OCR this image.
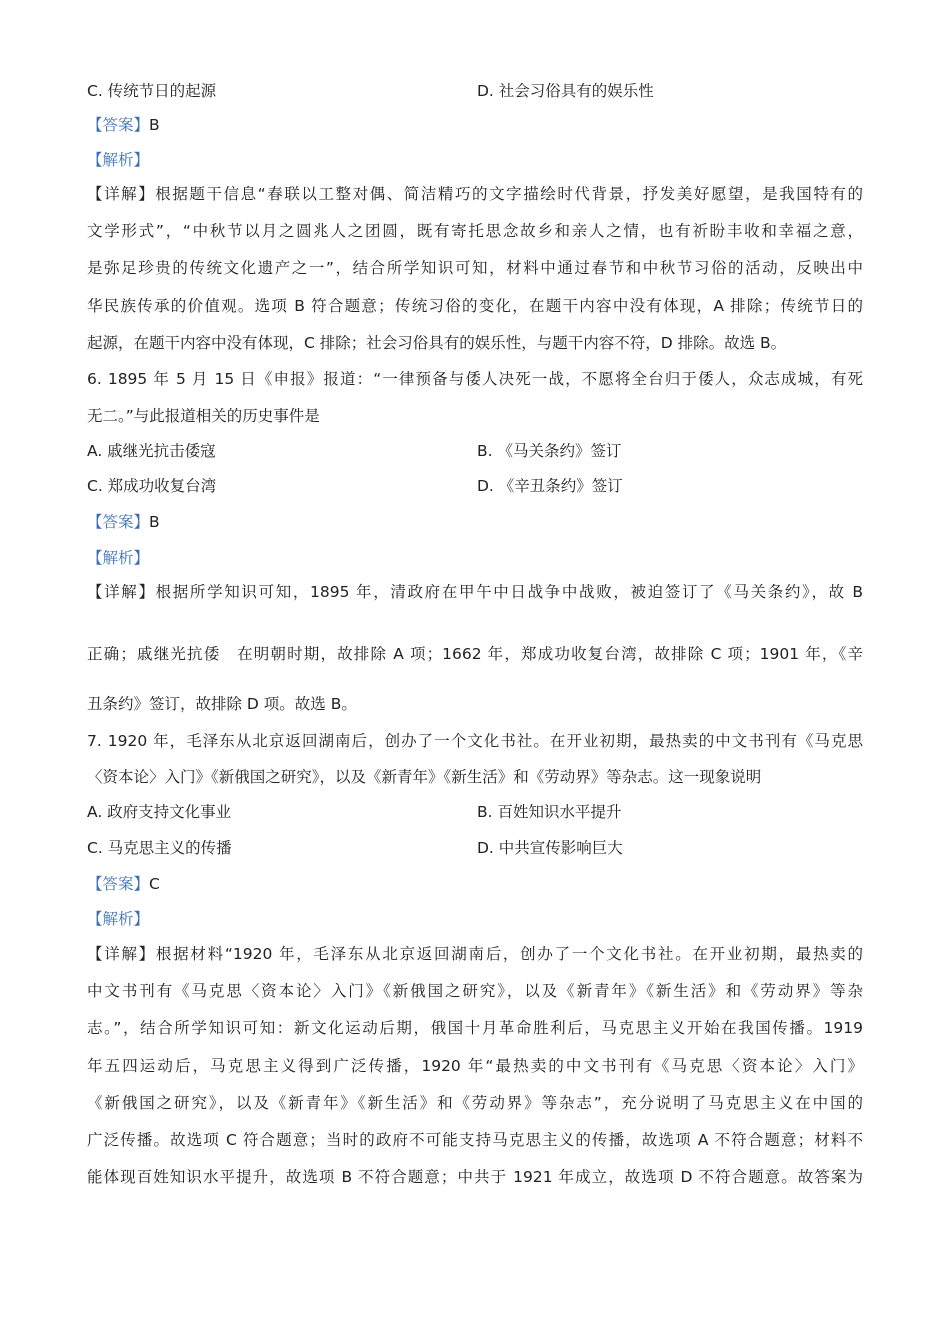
C. 传统节日的起源	D. 社会习俗具有的娱乐性
【答案】B
【解析】
【详解】根据题干信息“春联以工整对偶、简洁精巧的文字描绘时代背景，抒发美好愿望，是我国特有的
文学形式”，“中秋节以月之圆兆人之团圆，既有寄托思念故乡和亲人之情，也有祈盼丰收和幸福之意，
是弥足珍贵的传统文化遗产之一”，结合所学知识可知，材料中通过春节和中秋节习俗的活动，反映出中
华民族传承的价值观。选项 B 符合题意；传统习俗的变化，在题干内容中没有体现，A 排除；传统节日的
起源，在题干内容中没有体现，C 排除；社会习俗具有的娱乐性，与题干内容不符，D 排除。故选 B。
6. 1895 年 5 月 15 日《申报》报道：“一律预备与倭人决死一战，不愿将全台归于倭人，众志成城，有死
无二。”与此报道相关的历史事件是
A. 戚继光抗击倭寇	B. 《马关条约》签订
C. 郑成功收复台湾	D. 《辛丑条约》签订
【答案】B
【解析】
【详解】根据所学知识可知，1895 年，清政府在甲午中日战争中战败，被迫签订了《马关条约》，故 B
正确；戚继光抗倭　在明朝时期，故排除 A 项；1662 年，郑成功收复台湾，故排除 C 项；1901 年，《辛
丑条约》签订，故排除 D 项。故选 B。
7. 1920 年，毛泽东从北京返回湖南后，创办了一个文化书社。在开业初期，最热卖的中文书刊有《马克思
〈资本论〉入门》《新俄国之研究》，以及《新青年》《新生活》和《劳动界》等杂志。这一现象说明
A. 政府支持文化事业	B. 百姓知识水平提升
C. 马克思主义的传播	D. 中共宣传影响巨大
【答案】C
【解析】
【详解】根据材料“1920 年，毛泽东从北京返回湖南后，创办了一个文化书社。在开业初期，最热卖的
中文书刊有《马克思〈资本论〉入门》《新俄国之研究》，以及《新青年》《新生活》和《劳动界》等杂
志。”，结合所学知识可知：新文化运动后期，俄国十月革命胜利后，马克思主义开始在我国传播。1919
年五四运动后，马克思主义得到广泛传播，1920 年“最热卖的中文书刊有《马克思〈资本论〉入门》
《新俄国之研究》，以及《新青年》《新生活》和《劳动界》等杂志”，充分说明了马克思主义在中国的
广泛传播。故选项 C 符合题意；当时的政府不可能支持马克思主义的传播，故选项 A 不符合题意；材料不
能体现百姓知识水平提升，故选项 B 不符合题意；中共于 1921 年成立，故选项 D 不符合题意。故答案为
